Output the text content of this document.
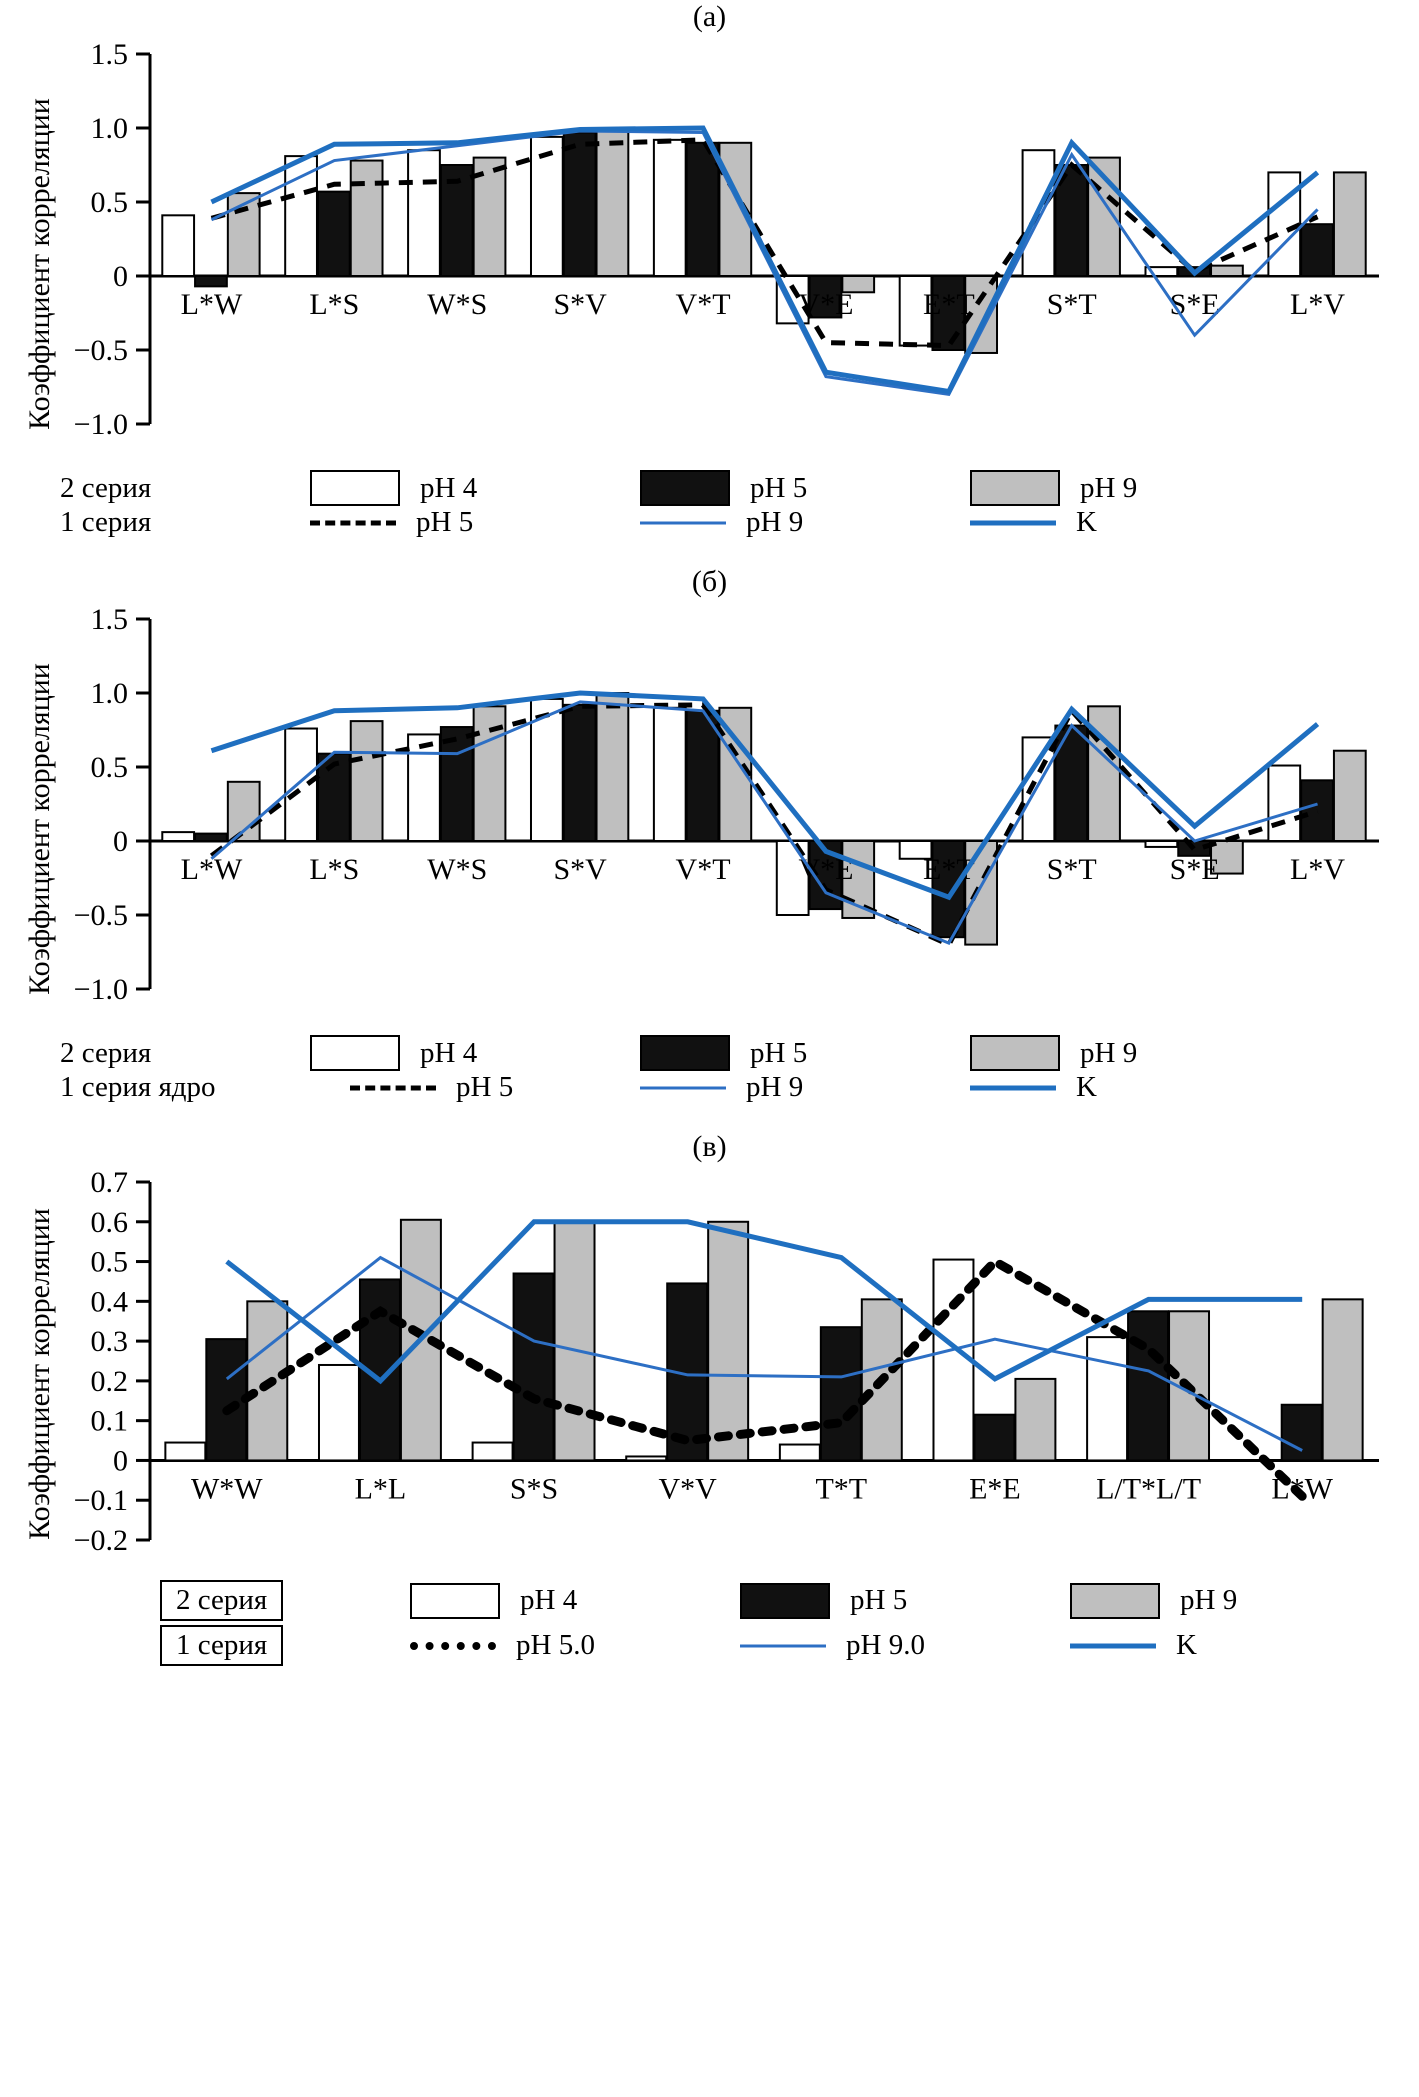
(а)
Коэффициент корреляции −1.0
−0.5
0
0.5
1.0
1.5
L*W L*S W*S S*V V*T V*E E*T S*T S*E L*V
2 серия	pH 4	pH 5	pH 9
1 серия	pH 5	pH 9	K
(б)
Коэффициент корреляции −1.0
−0.5
0
0.5
1.0
1.5
L*W L*S W*S S*V V*T V*E E*T S*T S*E L*V
2 серия	pH 4	pH 5	pH 9
1 серия ядро	pH 5	pH 9	K
(в)
Коэффициент корреляции
−0.2
−0.1
0
0.1
0.2
0.3
0.4
0.5
0.6
0.7
W*W	L*L	S*S	V*V	T*T	E*E	L/T*L/T L*W
2 серия	pH 4	pH 5	pH 9
1 серия	pH 5.0	pH 9.0	K
